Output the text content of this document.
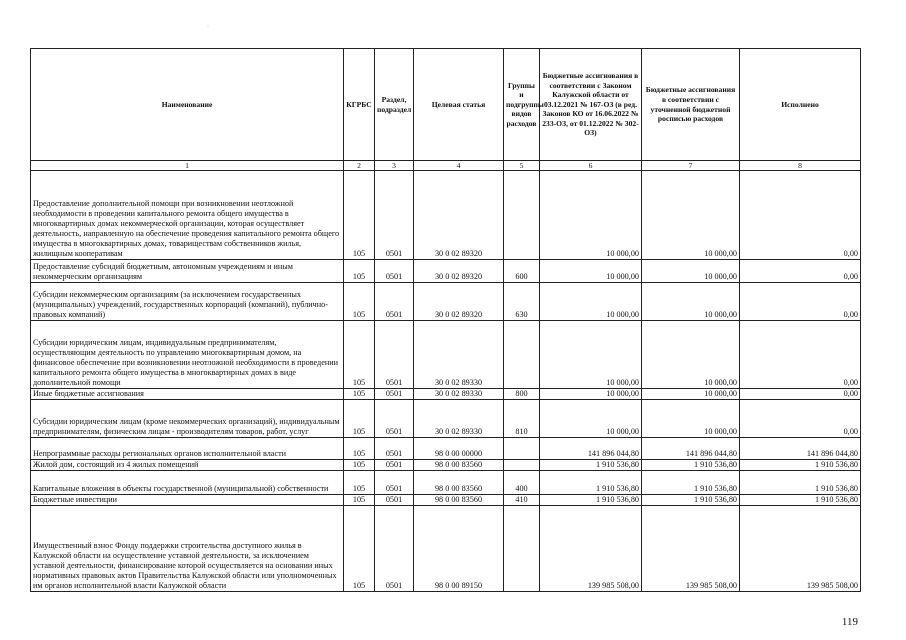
·
Наименование	КГРБС	Раздел, подраздел	Целевая статья	Группы и подгруппы видов расходов	Бюджетные ассигнования в соответствии с Законом Калужской области от 03.12.2021 № 167-ОЗ (в ред. Законов КО от 16.06.2022 № 233-ОЗ, от 01.12.2022 № 302-ОЗ)	Бюджетные ассигнования в соответствии с уточненной бюджетной росписью расходов	Исполнено
1	2	3	4	5	6	7	8
Предоставление дополнительной помощи при возникновении неотложной необходимости в проведении капитального ремонта общего имущества в многоквартирных домах некоммерческой организации, которая осуществляет деятельность, направленную на обеспечение проведения капитального ремонта общего имущества в многоквартирных домах, товариществам собственников жилья, жилищным кооперативам	105	0501	30 0 02 89320		10 000,00	10 000,00	0,00
Предоставление субсидий бюджетным, автономным учреждениям и иным некоммерческим организациям	105	0501	30 0 02 89320	600	10 000,00	10 000,00	0,00
Субсидии некоммерческим организациям (за исключением государственных (муниципальных) учреждений, государственных корпораций (компаний), публично-правовых компаний)	105	0501	30 0 02 89320	630	10 000,00	10 000,00	0,00
Субсидии юридическим лицам, индивидуальным предпринимателям, осуществляющим деятельность по управлению многоквартирным домом, на финансовое обеспечение при возникновении неотложной необходимости в проведении капитального ремонта общего имущества в многоквартирных домах в виде дополнительной помощи	105	0501	30 0 02 89330		10 000,00	10 000,00	0,00
Иные бюджетные ассигнования	105	0501	30 0 02 89330	800	10 000,00	10 000,00	0,00
Субсидии юридическим лицам (кроме некоммерческих организаций), индивидуальным предпринимателям, физическим лицам - производителям товаров, работ, услуг	105	0501	30 0 02 89330	810	10 000,00	10 000,00	0,00
Непрограммные расходы региональных органов исполнительной власти	105	0501	98 0 00 00000		141 896 044,80	141 896 044,80	141 896 044,80
Жилой дом, состоящий из 4 жилых помещений	105	0501	98 0 00 83560		1 910 536,80	1 910 536,80	1 910 536,80
Капитальные вложения в объекты государственной (муниципальной) собственности	105	0501	98 0 00 83560	400	1 910 536,80	1 910 536,80	1 910 536,80
Бюджетные инвестиции	105	0501	98 0 00 83560	410	1 910 536,80	1 910 536,80	1 910 536,80
Имущественный взнос Фонду поддержки строительства доступного жилья в Калужской области на осуществление уставной деятельности, за исключением уставной деятельности, финансирование которой осуществляется на основании иных нормативных правовых актов Правительства Калужской области или уполномоченных им органов исполнительной власти Калужской области	105	0501	98 0 00 89150		139 985 508,00	139 985 508,00	139 985 508,00
119
